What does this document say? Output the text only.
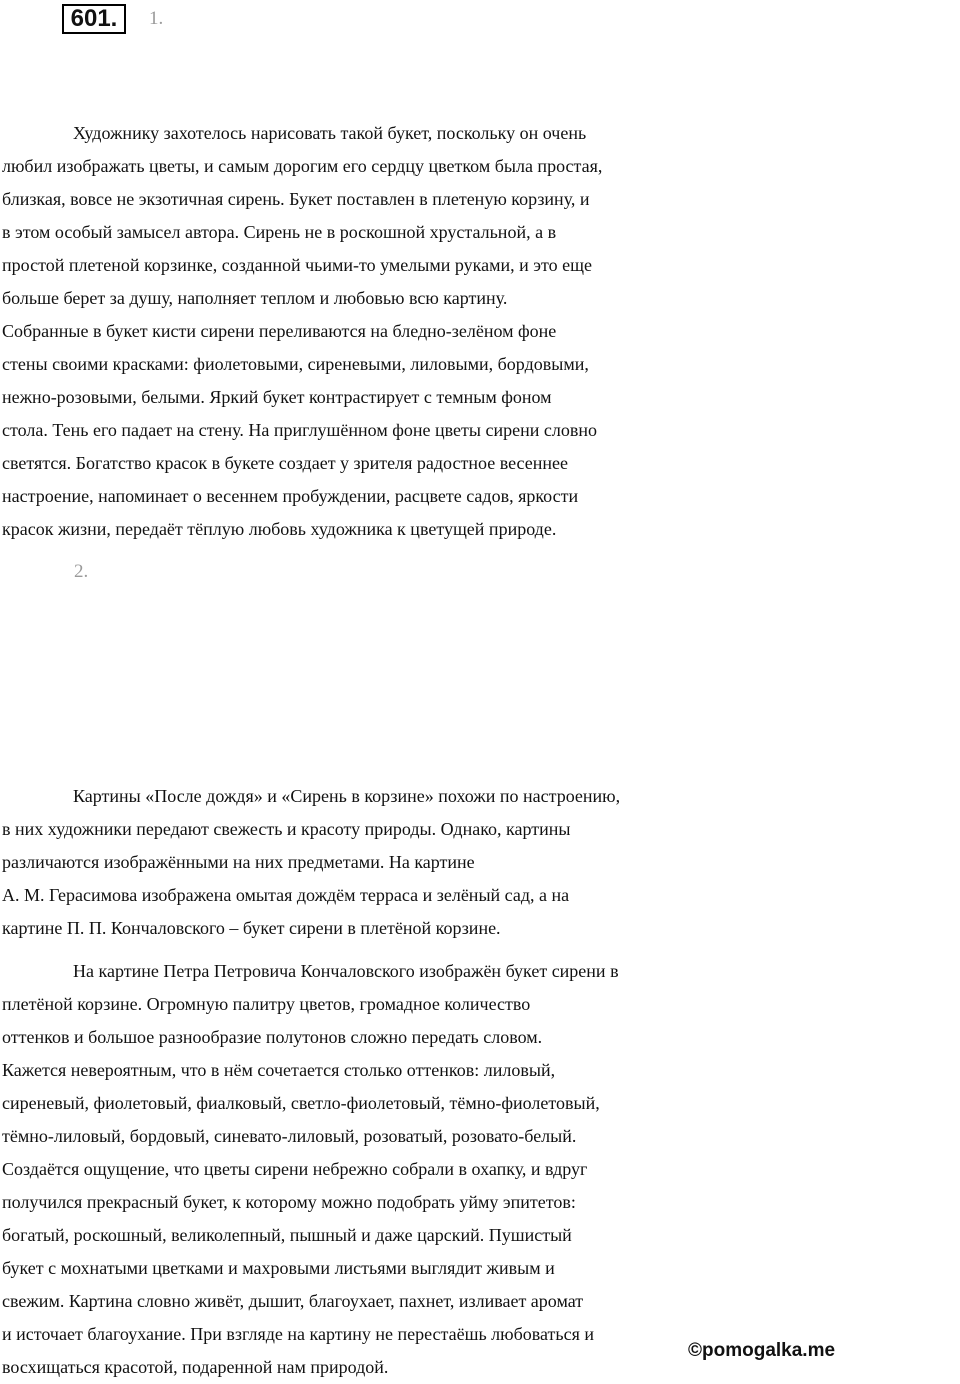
601.	1.
Художнику захотелось нарисовать такой букет, поскольку он очень
любил изображать цветы, и самым дорогим его сердцу цветком была простая,
близкая, вовсе не экзотичная сирень. Букет поставлен в плетеную корзину, и
в этом особый замысел автора. Сирень не в роскошной хрустальной, а в
простой плетеной корзинке, созданной чьими-то умелыми руками, и это еще
больше берет за душу, наполняет теплом и любовью всю картину.
Собранные в букет кисти сирени переливаются на бледно-зелёном фоне
стены своими красками: фиолетовыми, сиреневыми, лиловыми, бордовыми,
нежно-розовыми, белыми. Яркий букет контрастирует с темным фоном
стола. Тень его падает на стену. На приглушённом фоне цветы сирени словно
светятся. Богатство красок в букете создает у зрителя радостное весеннее
настроение, напоминает о весеннем пробуждении, расцвете садов, яркости
красок жизни, передаёт тёплую любовь художника к цветущей природе.
2.
Картины «После дождя» и «Сирень в корзине» похожи по настроению,
в них художники передают свежесть и красоту природы. Однако, картины
различаются изображёнными на них предметами. На картине
А. М. Герасимова изображена омытая дождём терраса и зелёный сад, а на
картине П. П. Кончаловского – букет сирени в плетёной корзине.
На картине Петра Петровича Кончаловского изображён букет сирени в
плетёной корзине. Огромную палитру цветов, громадное количество
оттенков и большое разнообразие полутонов сложно передать словом.
Кажется невероятным, что в нём сочетается столько оттенков: лиловый,
сиреневый, фиолетовый, фиалковый, светло-фиолетовый, тёмно-фиолетовый,
тёмно-лиловый, бордовый, синевато-лиловый, розоватый, розовато-белый.
Создаётся ощущение, что цветы сирени небрежно собрали в охапку, и вдруг
получился прекрасный букет, к которому можно подобрать уйму эпитетов:
богатый, роскошный, великолепный, пышный и даже царский. Пушистый
букет с мохнатыми цветками и махровыми листьями выглядит живым и
свежим. Картина словно живёт, дышит, благоухает, пахнет, изливает аромат
и источает благоухание. При взгляде на картину не перестаёшь любоваться и
восхищаться красотой, подаренной нам природой.
©pomogalka.me
